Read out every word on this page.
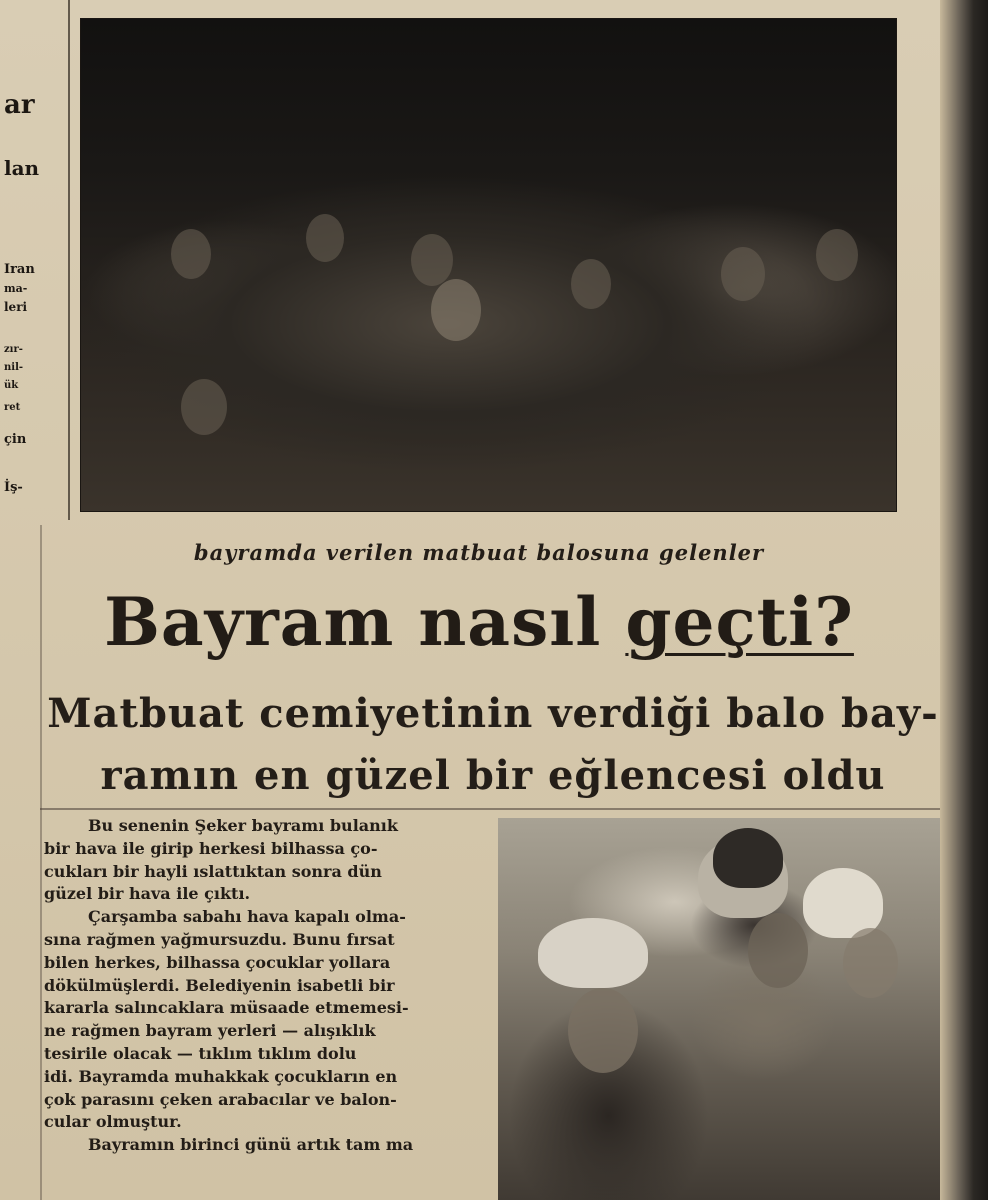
ar
lan
Iran
ma-
leri
zır-
nil-
ük
ret
çin
İş-
bayramda verilen matbuat balosuna gelenler
Bayram nasıl geçti?
Matbuat cemiyetinin verdiği balo bay-
ramın en güzel bir eğlencesi oldu
Bu senenin Şeker bayramı bulanık
bir hava ile girip herkesi bilhassa ço-
cukları bir hayli ıslattıktan sonra dün
güzel bir hava ile çıktı.
Çarşamba sabahı hava kapalı olma-
sına rağmen yağmursuzdu. Bunu fırsat
bilen herkes, bilhassa çocuklar yollara
dökülmüşlerdi. Belediyenin isabetli bir
kararla salıncaklara müsaade etmemesi-
ne rağmen bayram yerleri — alışıklık
tesirile olacak — tıklım tıklım dolu
idi. Bayramda muhakkak çocukların en
çok parasını çeken arabacılar ve balon-
cular olmuştur.
Bayramın birinci günü artık tam ma
